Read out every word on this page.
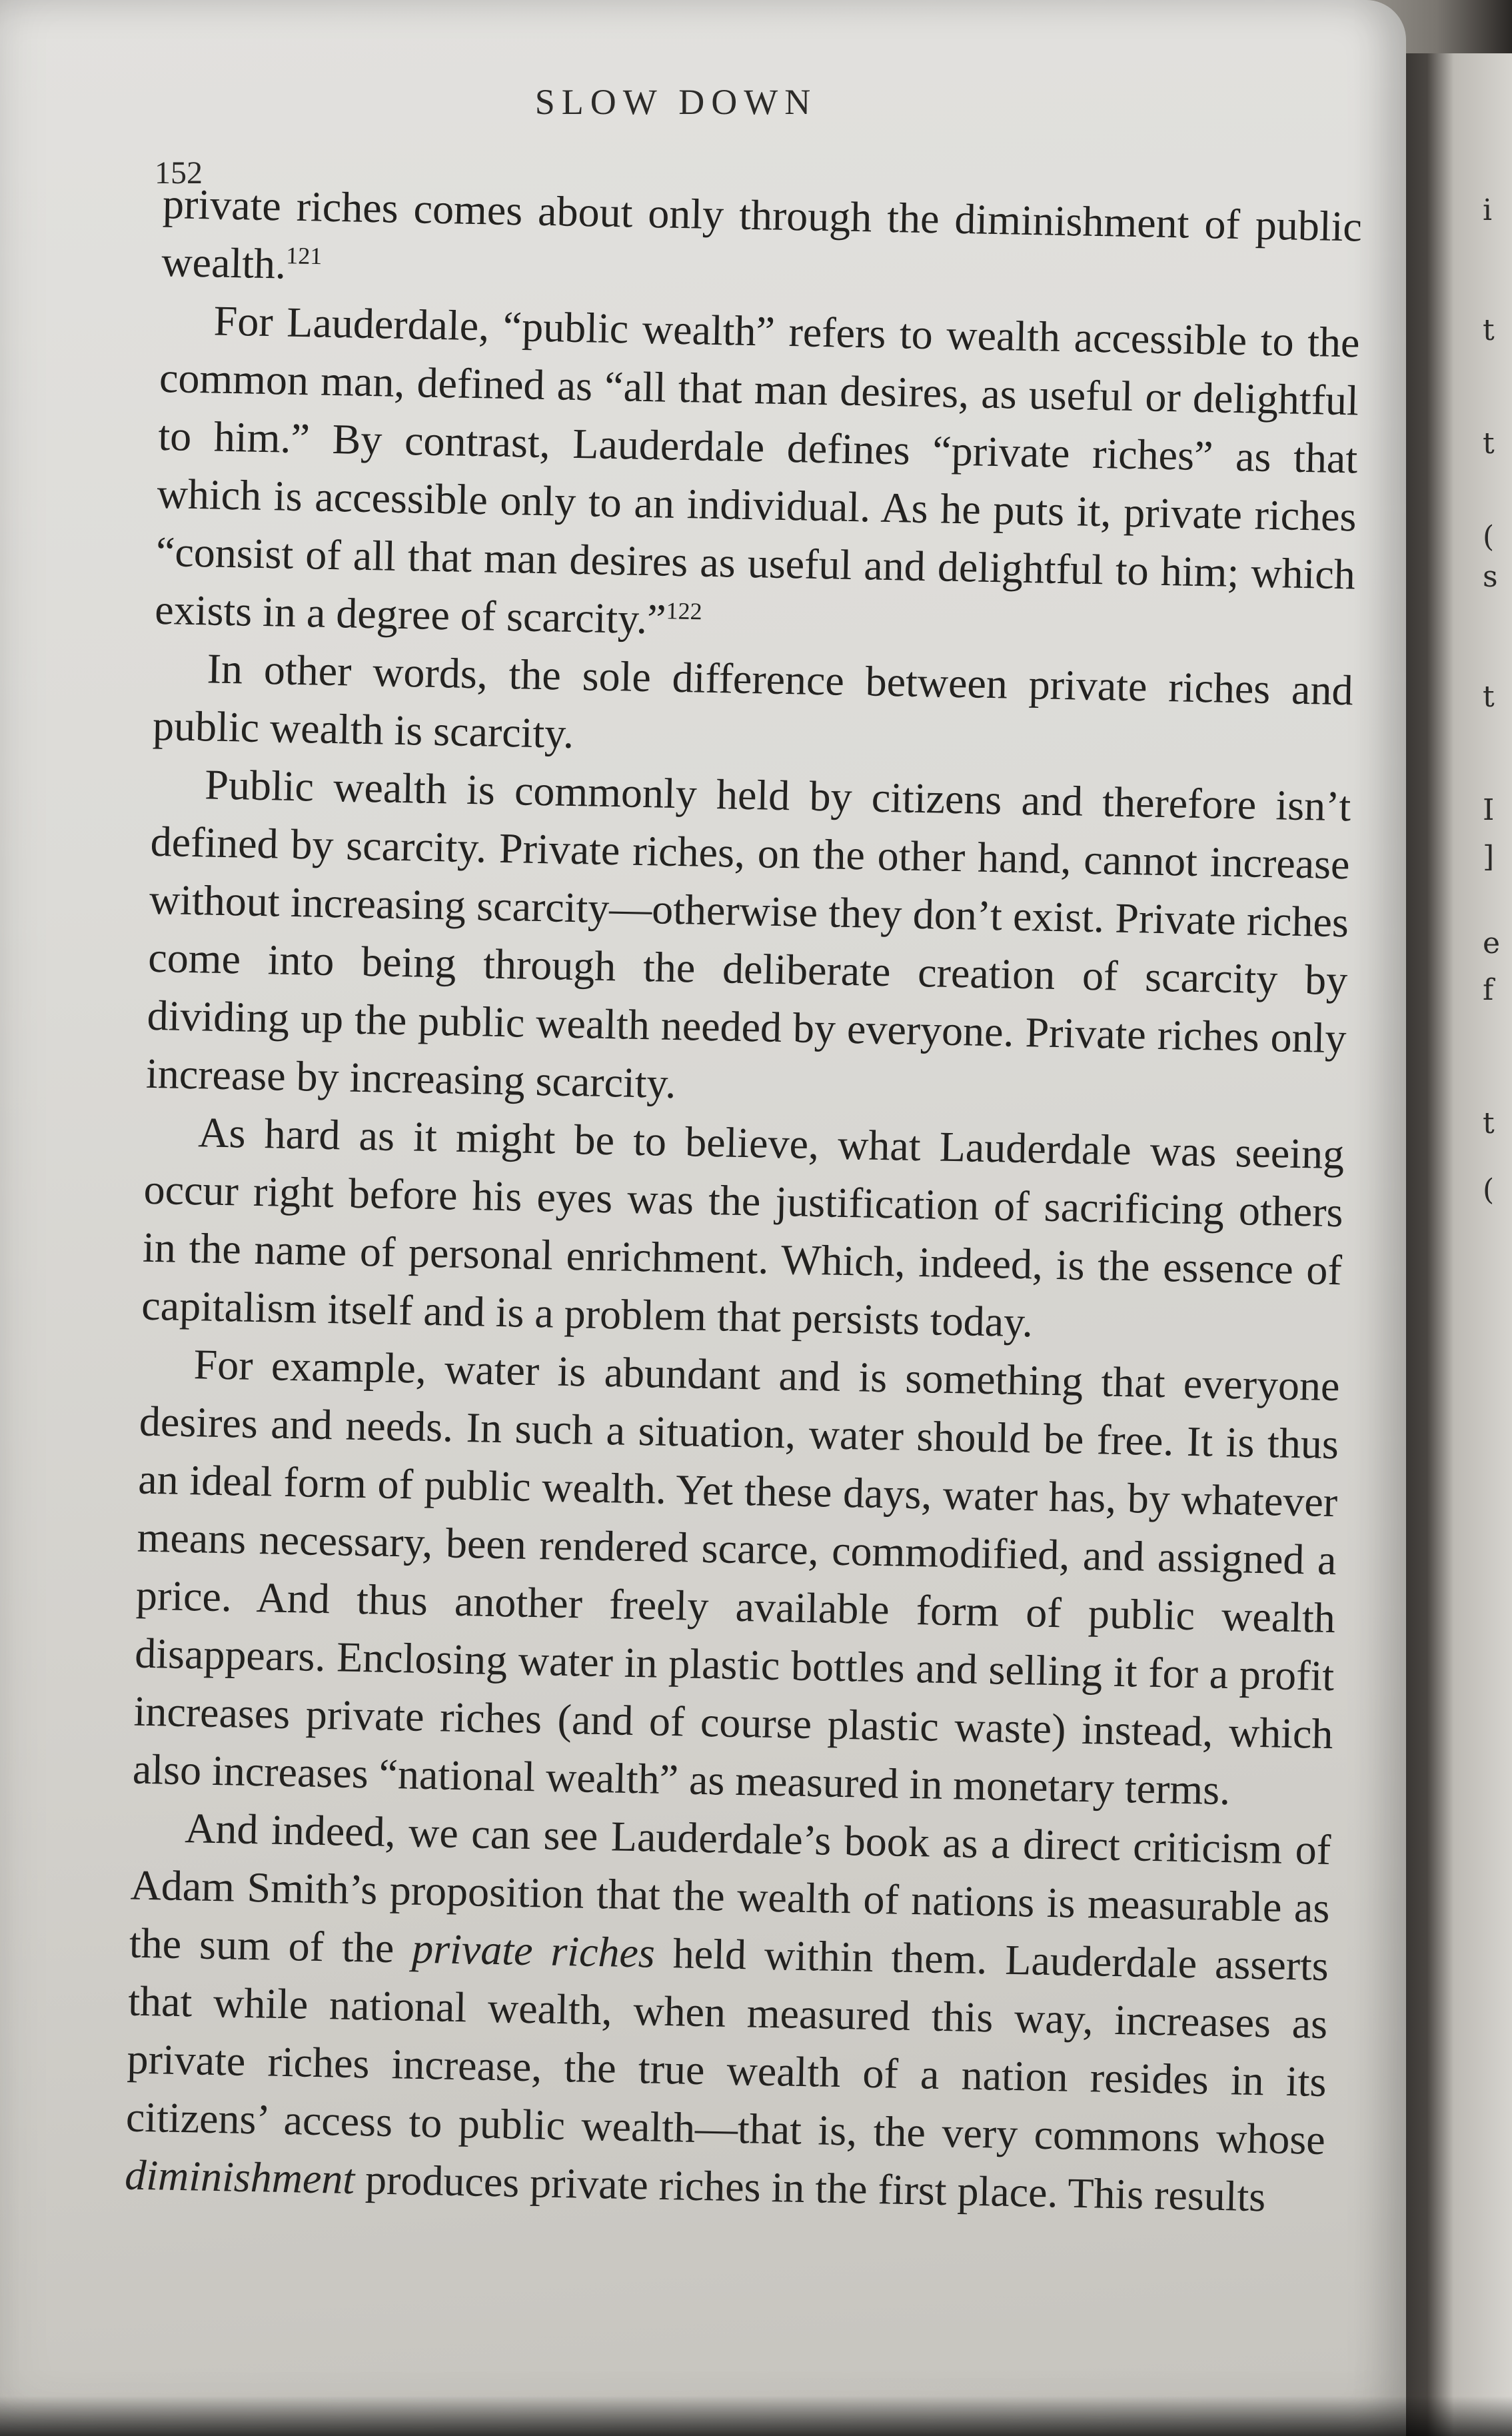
SLOW DOWN
152

private riches comes about only through the diminishment of public wealth.$^{121}$

For Lauderdale, “public wealth” refers to wealth accessible to the common man, defined as “all that man desires, as useful or delightful to him.” By contrast, Lauderdale defines “private riches” as that which is accessible only to an individual. As he puts it, private riches “consist of all that man desires as useful and delightful to him; which exists in a degree of scarcity.”$^{122}$

In other words, the sole difference between private riches and public wealth is scarcity.

Public wealth is commonly held by citizens and therefore isn’t defined by scarcity. Private riches, on the other hand, cannot increase without increasing scarcity—otherwise they don’t exist. Private riches come into being through the deliberate creation of scarcity by dividing up the public wealth needed by everyone. Private riches only increase by increasing scarcity.

As hard as it might be to believe, what Lauderdale was seeing occur right before his eyes was the justification of sacrificing others in the name of personal enrichment. Which, indeed, is the essence of capitalism itself and is a problem that persists today.

For example, water is abundant and is something that everyone desires and needs. In such a situation, water should be free. It is thus an ideal form of public wealth. Yet these days, water has, by whatever means necessary, been rendered scarce, commodified, and assigned a price. And thus another freely available form of public wealth disappears. Enclosing water in plastic bottles and selling it for a profit increases private riches (and of course plastic waste) instead, which also increases “national wealth” as measured in monetary terms.

And indeed, we can see Lauderdale’s book as a direct criticism of Adam Smith’s proposition that the wealth of nations is measurable as the sum of the private riches held within them. Lauderdale asserts that while national wealth, when measured this way, increases as private riches increase, the true wealth of a nation resides in its citizens’ access to public wealth—that is, the very commons whose diminishment produces private riches in the first place. This results

i
t
t
(
s
t
I
]
e
f
t
(
